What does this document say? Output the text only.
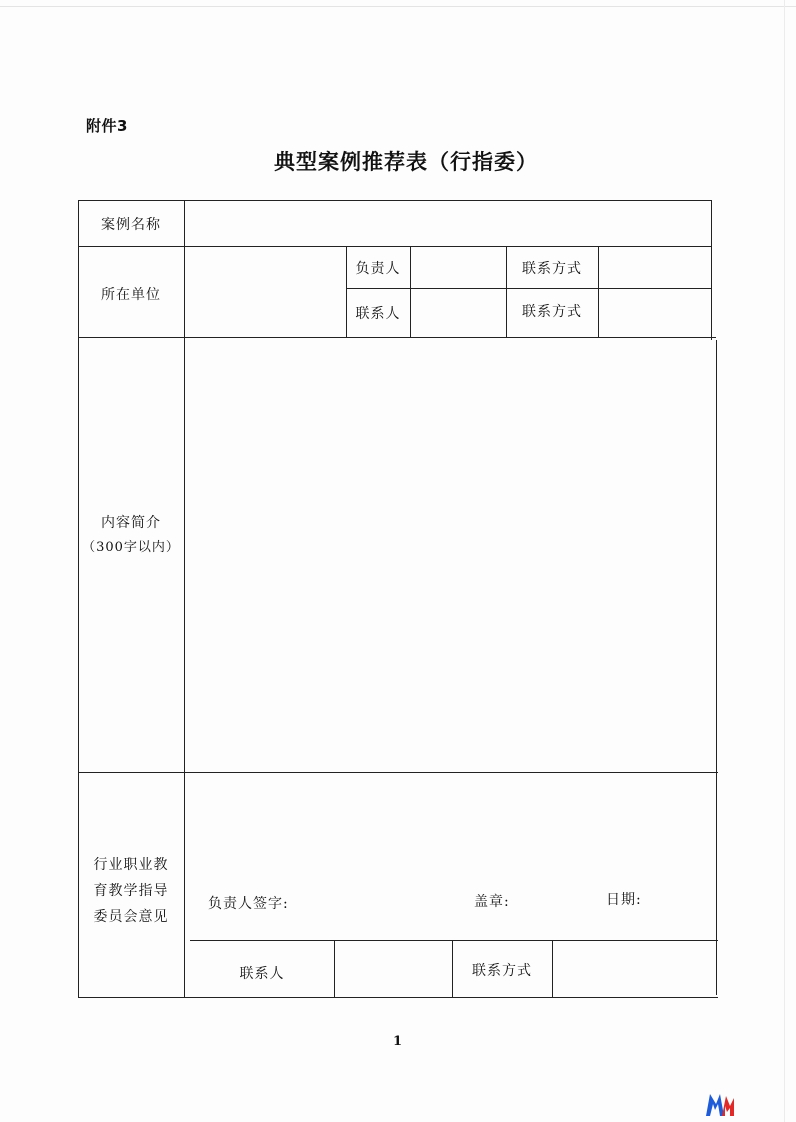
附件3
典型案例推荐表（行指委）
案例名称
所在单位
负责人	联系方式
联系人	联系方式
内容简介
（300字以内）
行业职业教
育教学指导
委员会意见
负责人签字:	盖章:	日期:
联系人	联系方式
1
